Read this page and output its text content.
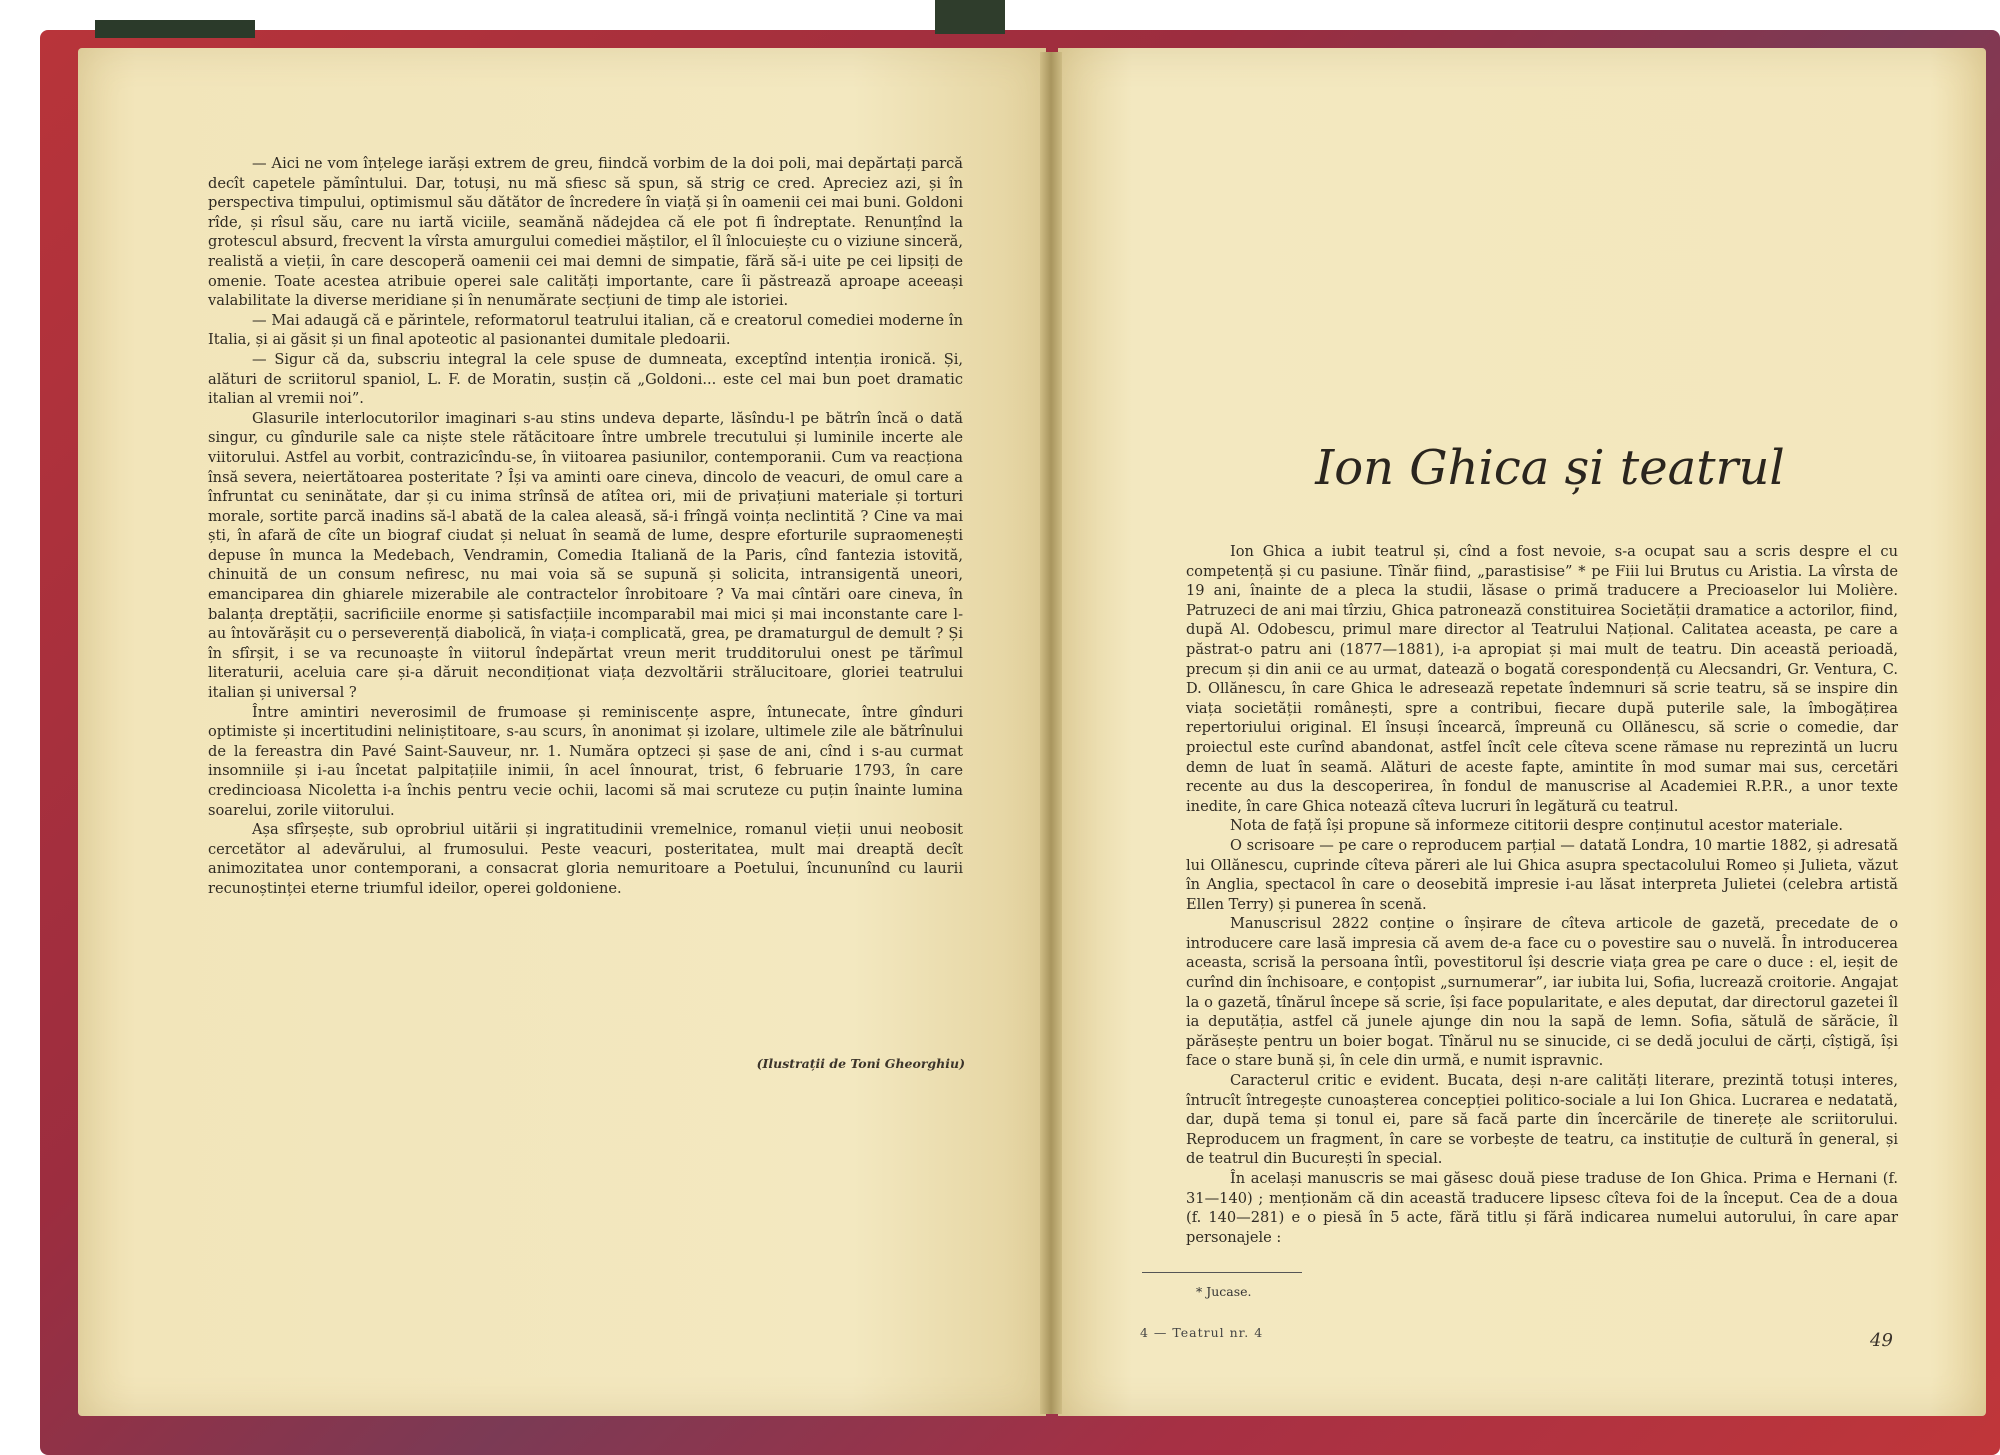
— Aici ne vom înțelege iarăși extrem de greu, fiindcă vorbim de la doi poli, mai depărtați parcă decît capetele pămîntului. Dar, totuși, nu mă sfiesc să spun, să strig ce cred. Apreciez azi, și în perspectiva timpului, optimismul său dătător de încredere în viață și în oamenii cei mai buni. Goldoni rîde, și rîsul său, care nu iartă viciile, seamănă nădejdea că ele pot fi îndreptate. Renunțînd la grotescul absurd, frecvent la vîrsta amurgului comediei măștilor, el îl înlocuiește cu o viziune sinceră, realistă a vieții, în care descoperă oamenii cei mai demni de simpatie, fără să-i uite pe cei lipsiți de omenie. Toate acestea atribuie operei sale calități importante, care îi păstrează aproape aceeași valabilitate la diverse meridiane și în nenumărate secțiuni de timp ale istoriei.

— Mai adaugă că e părintele, reformatorul teatrului italian, că e creatorul comediei moderne în Italia, și ai găsit și un final apoteotic al pasionantei dumitale pledoarii.

— Sigur că da, subscriu integral la cele spuse de dumneata, exceptînd intenția ironică. Și, alături de scriitorul spaniol, L. F. de Moratin, susțin că „Goldoni... este cel mai bun poet dramatic italian al vremii noi”.

Glasurile interlocutorilor imaginari s-au stins undeva departe, lăsîndu-l pe bătrîn încă o dată singur, cu gîndurile sale ca niște stele rătăcitoare între umbrele trecutului și luminile incerte ale viitorului. Astfel au vorbit, contrazicîndu-se, în viitoarea pasiunilor, contemporanii. Cum va reacționa însă severa, neiertătoarea posteritate ? Își va aminti oare cineva, dincolo de veacuri, de omul care a înfruntat cu seninătate, dar și cu inima strînsă de atîtea ori, mii de privațiuni materiale și torturi morale, sortite parcă inadins să-l abată de la calea aleasă, să-i frîngă voința neclintită ? Cine va mai ști, în afară de cîte un biograf ciudat și neluat în seamă de lume, despre eforturile supraomenești depuse în munca la Medebach, Vendramin, Comedia Italiană de la Paris, cînd fantezia istovită, chinuită de un consum nefiresc, nu mai voia să se supună și solicita, intransigentă uneori, emanciparea din ghiarele mizerabile ale contractelor înrobitoare ? Va mai cîntări oare cineva, în balanța dreptății, sacrificiile enorme și satisfacțiile incomparabil mai mici și mai inconstante care l-au întovărășit cu o perseverență diabolică, în viața-i complicată, grea, pe dramaturgul de demult ? Și în sfîrșit, i se va recunoaște în viitorul îndepărtat vreun merit trudditorului onest pe tărîmul literaturii, aceluia care și-a dăruit necondiționat viața dezvoltării strălucitoare, gloriei teatrului italian și universal ?

Între amintiri neverosimil de frumoase și reminiscențe aspre, întunecate, între gînduri optimiste și incertitudini neliniștitoare, s-au scurs, în anonimat și izolare, ultimele zile ale bătrînului de la fereastra din Pavé Saint-Sauveur, nr. 1. Număra optzeci și șase de ani, cînd i s-au curmat insomniile și i-au încetat palpitațiile inimii, în acel înnourat, trist, 6 februarie 1793, în care credincioasa Nicoletta i-a închis pentru vecie ochii, lacomi să mai scruteze cu puțin înainte lumina soarelui, zorile viitorului.

Așa sfîrșește, sub oprobriul uitării și ingratitudinii vremelnice, romanul vieții unui neobosit cercetător al adevărului, al frumosului. Peste veacuri, posteritatea, mult mai dreaptă decît animozitatea unor contemporani, a consacrat gloria nemuritoare a Poetului, încununînd cu laurii recunoștinței eterne triumful ideilor, operei goldoniene.

(Ilustrații de Toni Gheorghiu)
Ion Ghica și teatrul

Ion Ghica a iubit teatrul și, cînd a fost nevoie, s-a ocupat sau a scris despre el cu competență și cu pasiune. Tînăr fiind, „parastisise” * pe Fiii lui Brutus cu Aristia. La vîrsta de 19 ani, înainte de a pleca la studii, lăsase o primă traducere a Precioaselor lui Molière. Patruzeci de ani mai tîrziu, Ghica patronează constituirea Societății dramatice a actorilor, fiind, după Al. Odobescu, primul mare director al Teatrului Național. Calitatea aceasta, pe care a păstrat-o patru ani (1877—1881), i-a apropiat și mai mult de teatru. Din această perioadă, precum și din anii ce au urmat, datează o bogată corespondență cu Alecsandri, Gr. Ventura, C. D. Ollănescu, în care Ghica le adresează repetate îndemnuri să scrie teatru, să se inspire din viața societății românești, spre a contribui, fiecare după puterile sale, la îmbogățirea repertoriului original. El însuși încearcă, împreună cu Ollănescu, să scrie o comedie, dar proiectul este curînd abandonat, astfel încît cele cîteva scene rămase nu reprezintă un lucru demn de luat în seamă. Alături de aceste fapte, amintite în mod sumar mai sus, cercetări recente au dus la descoperirea, în fondul de manuscrise al Academiei R.P.R., a unor texte inedite, în care Ghica notează cîteva lucruri în legătură cu teatrul.

Nota de față își propune să informeze cititorii despre conținutul acestor materiale.

O scrisoare — pe care o reproducem parțial — datată Londra, 10 martie 1882, și adresată lui Ollănescu, cuprinde cîteva păreri ale lui Ghica asupra spectacolului Romeo și Julieta, văzut în Anglia, spectacol în care o deosebită impresie i-au lăsat interpreta Julietei (celebra artistă Ellen Terry) și punerea în scenă.

Manuscrisul 2822 conține o înșirare de cîteva articole de gazetă, precedate de o introducere care lasă impresia că avem de-a face cu o povestire sau o nuvelă. În introducerea aceasta, scrisă la persoana întîi, povestitorul își descrie viața grea pe care o duce : el, ieșit de curînd din închisoare, e conțopist „surnumerar”, iar iubita lui, Sofia, lucrează croitorie. Angajat la o gazetă, tînărul începe să scrie, își face popularitate, e ales deputat, dar directorul gazetei îl ia deputăția, astfel că junele ajunge din nou la sapă de lemn. Sofia, sătulă de sărăcie, îl părăsește pentru un boier bogat. Tînărul nu se sinucide, ci se dedă jocului de cărți, cîștigă, își face o stare bună și, în cele din urmă, e numit ispravnic.

Caracterul critic e evident. Bucata, deși n-are calități literare, prezintă totuși interes, întrucît întregește cunoașterea concepției politico-sociale a lui Ion Ghica. Lucrarea e nedatată, dar, după tema și tonul ei, pare să facă parte din încercările de tinerețe ale scriitorului. Reproducem un fragment, în care se vorbește de teatru, ca instituție de cultură în general, și de teatrul din București în special.

În același manuscris se mai găsesc două piese traduse de Ion Ghica. Prima e Hernani (f. 31—140) ; menționăm că din această traducere lipsesc cîteva foi de la început. Cea de a doua (f. 140—281) e o piesă în 5 acte, fără titlu și fără indicarea numelui autorului, în care apar personajele :

* Jucase.
4 — Teatrul nr. 4	49
